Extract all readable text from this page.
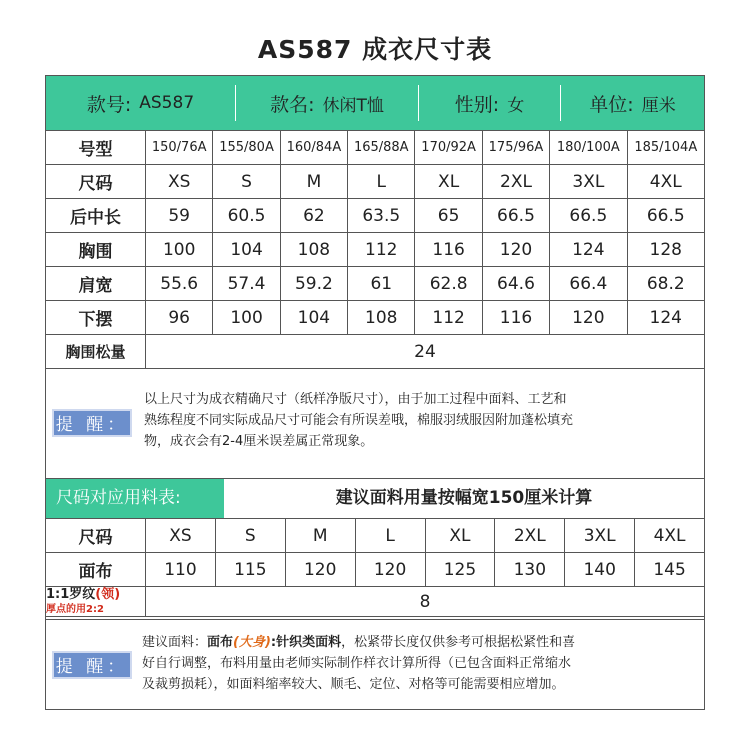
AS587 成衣尺寸表
款号: AS587	款名: 休闲T恤	性别: 女	单位: 厘米
号型	150/76A	155/80A	160/84A	165/88A	170/92A	175/96A	180/100A	185/104A
尺码	XS	S	M	L	XL	2XL	3XL	4XL
后中长	59	60.5	62	63.5	65	66.5	66.5	66.5
胸围	100	104	108	112	116	120	124	128
肩宽	55.6	57.4	59.2	61	62.8	64.6	66.4	68.2
下摆	96	100	104	108	112	116	120	124
胸围松量	24							
提 醒：
以上尺寸为成衣精确尺寸（纸样净版尺寸），由于加工过程中面料、工艺和
熟练程度不同实际成品尺寸可能会有所误差哦，棉服羽绒服因附加蓬松填充
物，成衣会有2-4厘米误差属正常现象。
尺码对应用料表:	建议面料用量按幅宽150厘米计算
尺码	XS	S	M	L	XL	2XL	3XL	4XL
面布	110	115	120	120	125	130	140	145
1:1罗纹(领)
厚点的用2:2	8							
提 醒：
建议面料：面布(大身):针织类面料，松紧带长度仅供参考可根据松紧性和喜
好自行调整，布料用量由老师实际制作样衣计算所得（已包含面料正常缩水
及裁剪损耗），如面料缩率较大、顺毛、定位、对格等可能需要相应增加。
